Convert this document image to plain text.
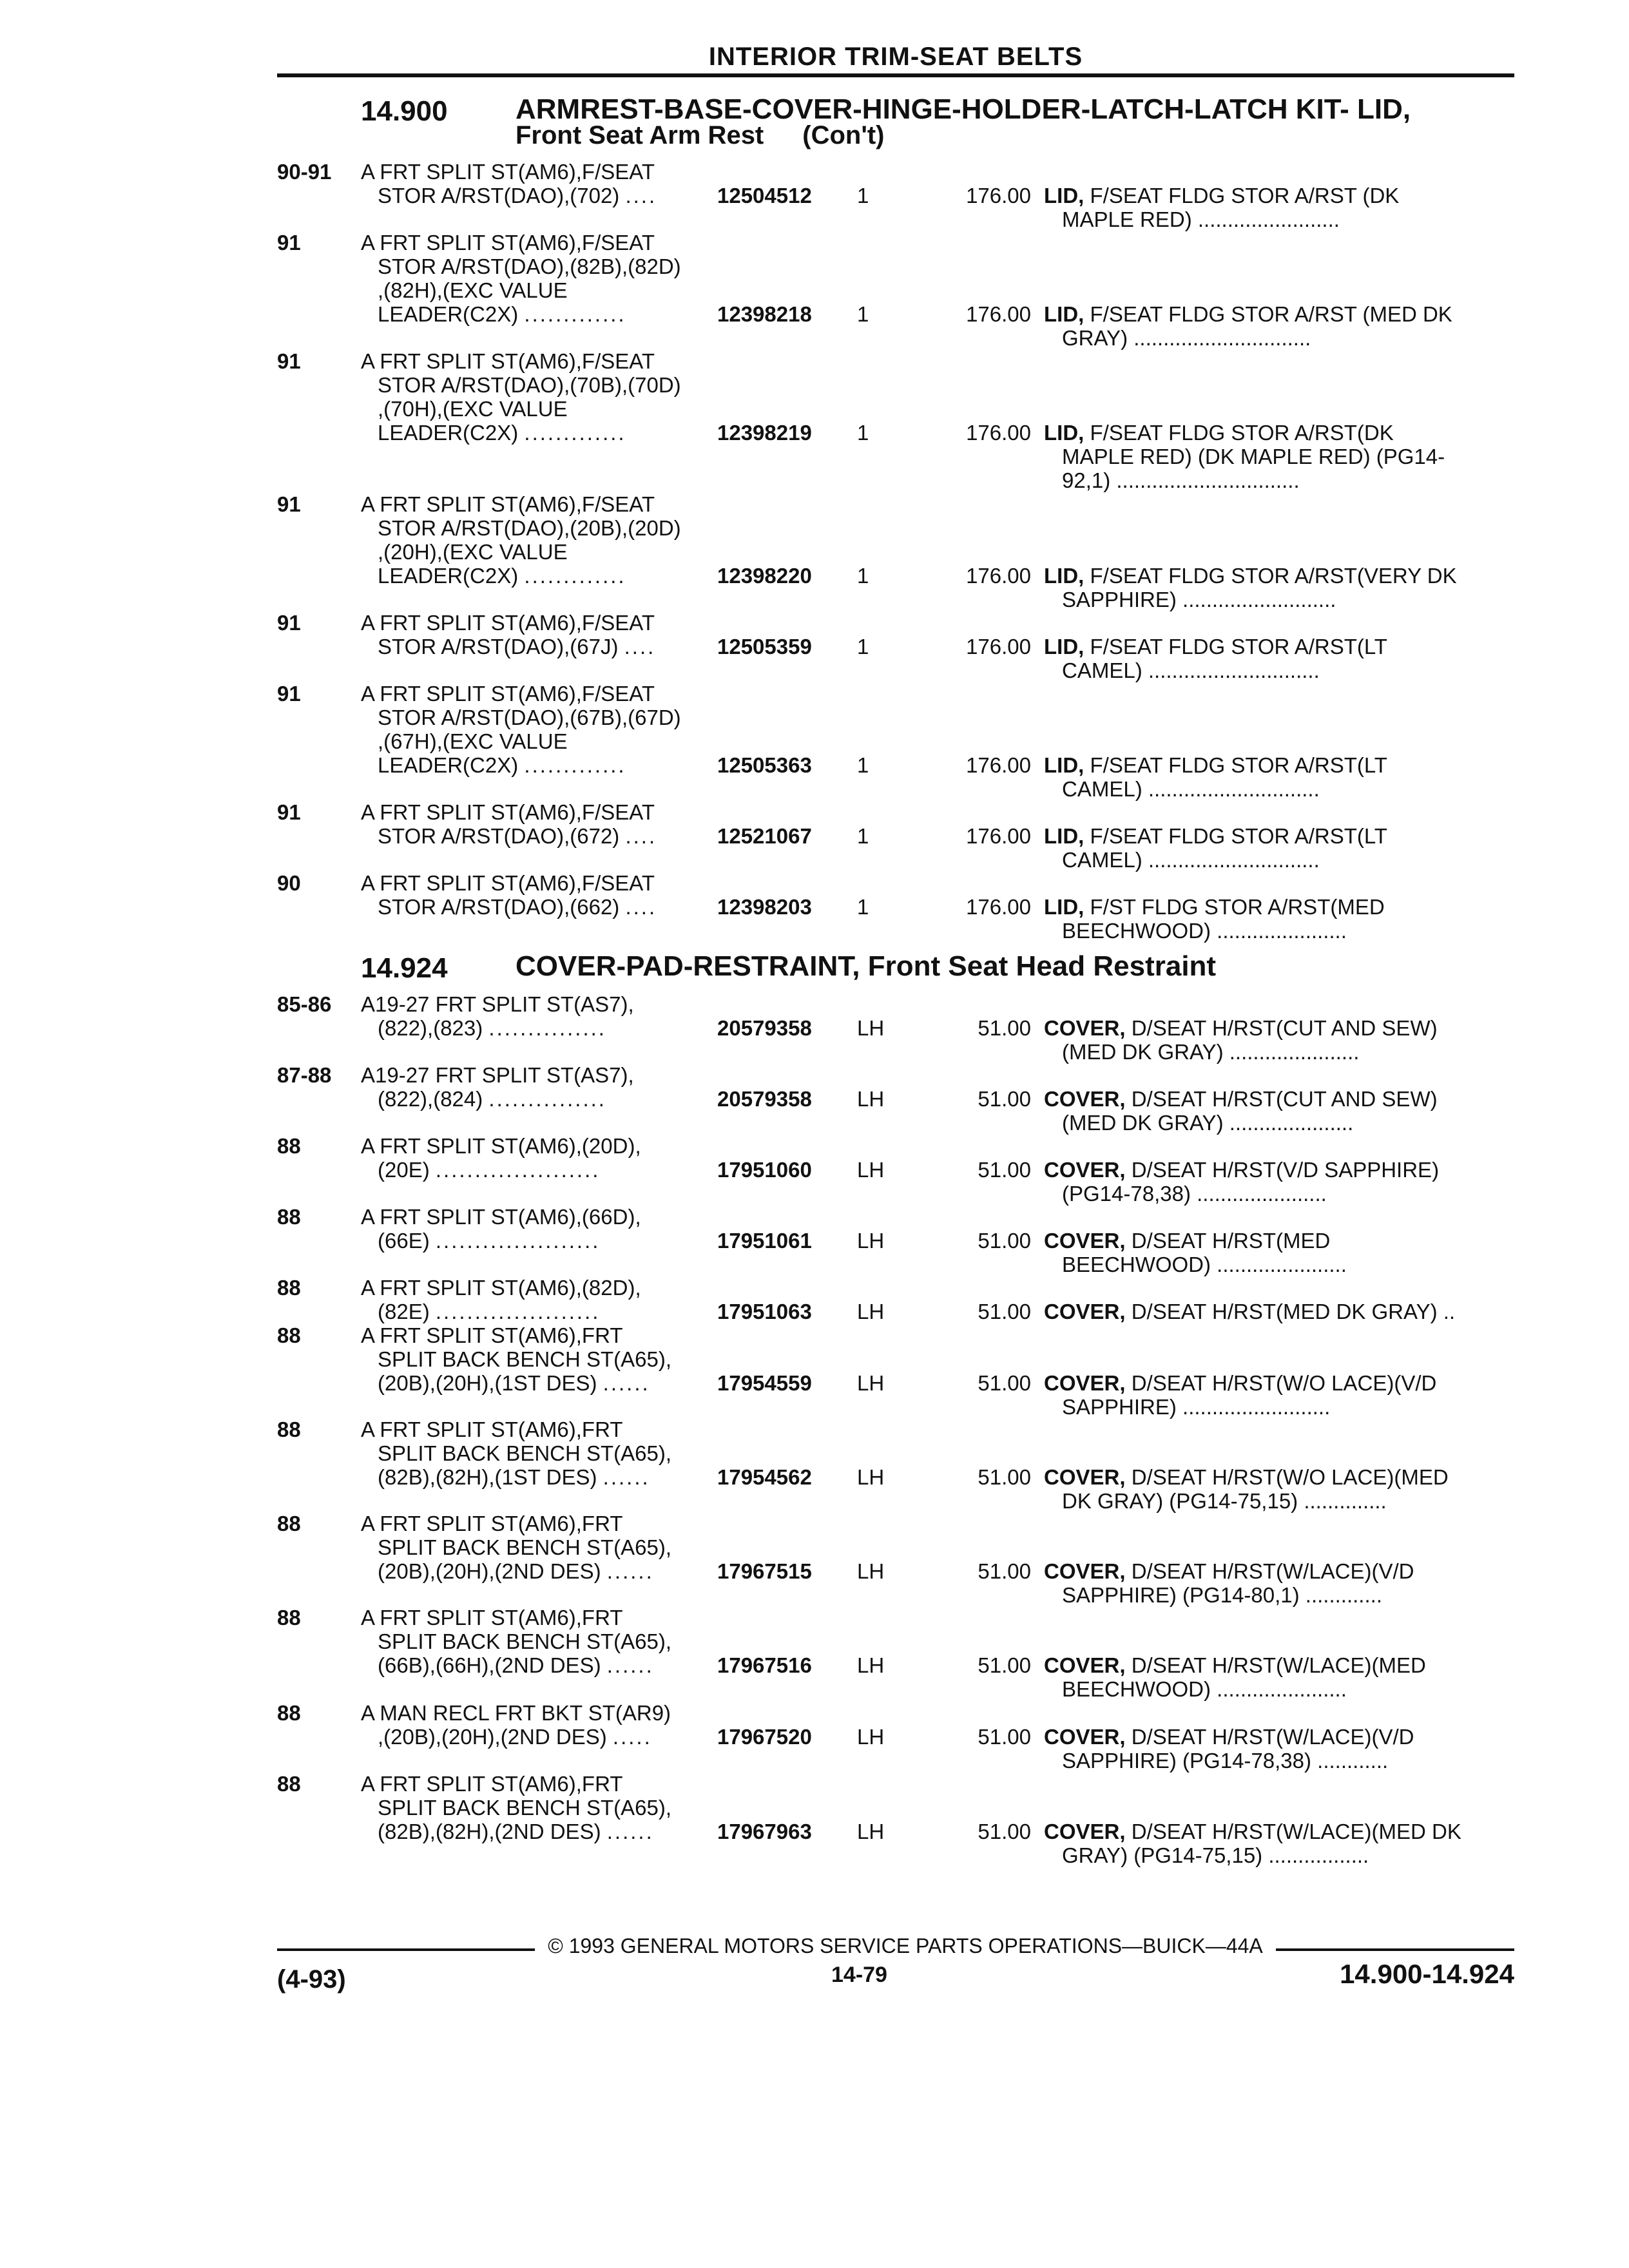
INTERIOR TRIM-SEAT BELTS
14.900 ARMREST-BASE-COVER-HINGE-HOLDER-LATCH-LATCH KIT- LID,
Front Seat Arm Rest (Con't)
90-91	A FRT SPLIT ST(AM6),F/SEAT
STOR A/RST(DAO),(702) ....	12504512	1	176.00 LID, F/SEAT FLDG STOR A/RST (DK
MAPLE RED) ........................
91	A FRT SPLIT ST(AM6),F/SEAT
STOR A/RST(DAO),(82B),(82D)
,(82H),(EXC VALUE
LEADER(C2X) .............	12398218	1	176.00 LID, F/SEAT FLDG STOR A/RST (MED DK
GRAY) ..............................
91	A FRT SPLIT ST(AM6),F/SEAT
STOR A/RST(DAO),(70B),(70D)
,(70H),(EXC VALUE
LEADER(C2X) .............	12398219	1	176.00 LID, F/SEAT FLDG STOR A/RST(DK
MAPLE RED) (DK MAPLE RED) (PG14-
92,1) ...............................
91	A FRT SPLIT ST(AM6),F/SEAT
STOR A/RST(DAO),(20B),(20D)
,(20H),(EXC VALUE
LEADER(C2X) .............	12398220	1	176.00 LID, F/SEAT FLDG STOR A/RST(VERY DK
SAPPHIRE) ..........................
91	A FRT SPLIT ST(AM6),F/SEAT
STOR A/RST(DAO),(67J) ....	12505359	1	176.00 LID, F/SEAT FLDG STOR A/RST(LT
CAMEL) .............................
91	A FRT SPLIT ST(AM6),F/SEAT
STOR A/RST(DAO),(67B),(67D)
,(67H),(EXC VALUE
LEADER(C2X) .............	12505363	1	176.00 LID, F/SEAT FLDG STOR A/RST(LT
CAMEL) .............................
91	A FRT SPLIT ST(AM6),F/SEAT
STOR A/RST(DAO),(672) ....	12521067	1	176.00 LID, F/SEAT FLDG STOR A/RST(LT
CAMEL) .............................
90	A FRT SPLIT ST(AM6),F/SEAT
STOR A/RST(DAO),(662) ....	12398203	1	176.00 LID, F/ST FLDG STOR A/RST(MED
BEECHWOOD) ......................
14.924 COVER-PAD-RESTRAINT, Front Seat Head Restraint
85-86	A19-27 FRT SPLIT ST(AS7),
(822),(823) ...............	20579358	LH	51.00 COVER, D/SEAT H/RST(CUT AND SEW)
(MED DK GRAY) ......................
87-88	A19-27 FRT SPLIT ST(AS7),
(822),(824) ...............	20579358	LH	51.00 COVER, D/SEAT H/RST(CUT AND SEW)
(MED DK GRAY) .....................
88	A FRT SPLIT ST(AM6),(20D),
(20E) .....................	17951060	LH	51.00 COVER, D/SEAT H/RST(V/D SAPPHIRE)
(PG14-78,38) ......................
88	A FRT SPLIT ST(AM6),(66D),
(66E) .....................	17951061	LH	51.00 COVER, D/SEAT H/RST(MED
BEECHWOOD) ......................
88	A FRT SPLIT ST(AM6),(82D),
(82E) .....................	17951063	LH	51.00 COVER, D/SEAT H/RST(MED DK GRAY) ..
88	A FRT SPLIT ST(AM6),FRT
SPLIT BACK BENCH ST(A65),
(20B),(20H),(1ST DES) ......	17954559	LH	51.00 COVER, D/SEAT H/RST(W/O LACE)(V/D
SAPPHIRE) .........................
88	A FRT SPLIT ST(AM6),FRT
SPLIT BACK BENCH ST(A65),
(82B),(82H),(1ST DES) ......	17954562	LH	51.00 COVER, D/SEAT H/RST(W/O LACE)(MED
DK GRAY) (PG14-75,15) ..............
88	A FRT SPLIT ST(AM6),FRT
SPLIT BACK BENCH ST(A65),
(20B),(20H),(2ND DES) ......	17967515	LH	51.00 COVER, D/SEAT H/RST(W/LACE)(V/D
SAPPHIRE) (PG14-80,1) .............
88	A FRT SPLIT ST(AM6),FRT
SPLIT BACK BENCH ST(A65),
(66B),(66H),(2ND DES) ......	17967516	LH	51.00 COVER, D/SEAT H/RST(W/LACE)(MED
BEECHWOOD) ......................
88	A MAN RECL FRT BKT ST(AR9)
,(20B),(20H),(2ND DES) .....	17967520	LH	51.00 COVER, D/SEAT H/RST(W/LACE)(V/D
SAPPHIRE) (PG14-78,38) ............
88	A FRT SPLIT ST(AM6),FRT
SPLIT BACK BENCH ST(A65),
(82B),(82H),(2ND DES) ......	17967963	LH	51.00 COVER, D/SEAT H/RST(W/LACE)(MED DK
GRAY) (PG14-75,15) .................
© 1993 GENERAL MOTORS SERVICE PARTS OPERATIONS—BUICK—44A
(4-93)	14-79	14.900-14.924
